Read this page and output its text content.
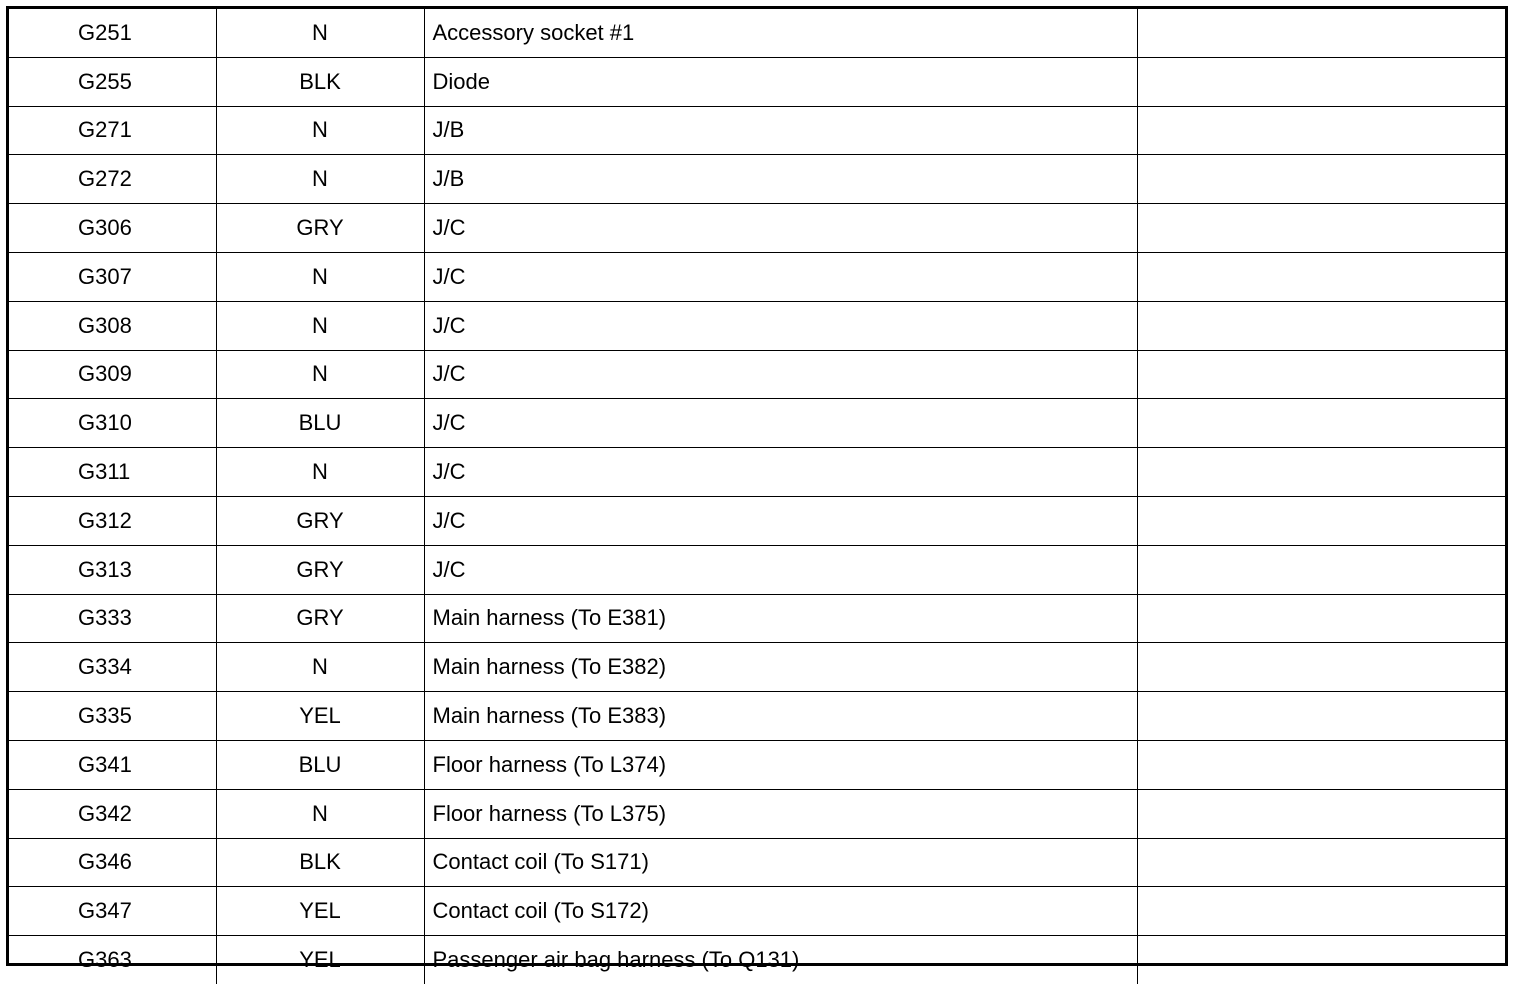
G251	N	Accessory socket #1	
G255	BLK	Diode	
G271	N	J/B	
G272	N	J/B	
G306	GRY	J/C	
G307	N	J/C	
G308	N	J/C	
G309	N	J/C	
G310	BLU	J/C	
G311	N	J/C	
G312	GRY	J/C	
G313	GRY	J/C	
G333	GRY	Main harness (To E381)	
G334	N	Main harness (To E382)	
G335	YEL	Main harness (To E383)	
G341	BLU	Floor harness (To L374)	
G342	N	Floor harness (To L375)	
G346	BLK	Contact coil (To S171)	
G347	YEL	Contact coil (To S172)	
G363	YEL	Passenger air bag harness (To Q131)	
